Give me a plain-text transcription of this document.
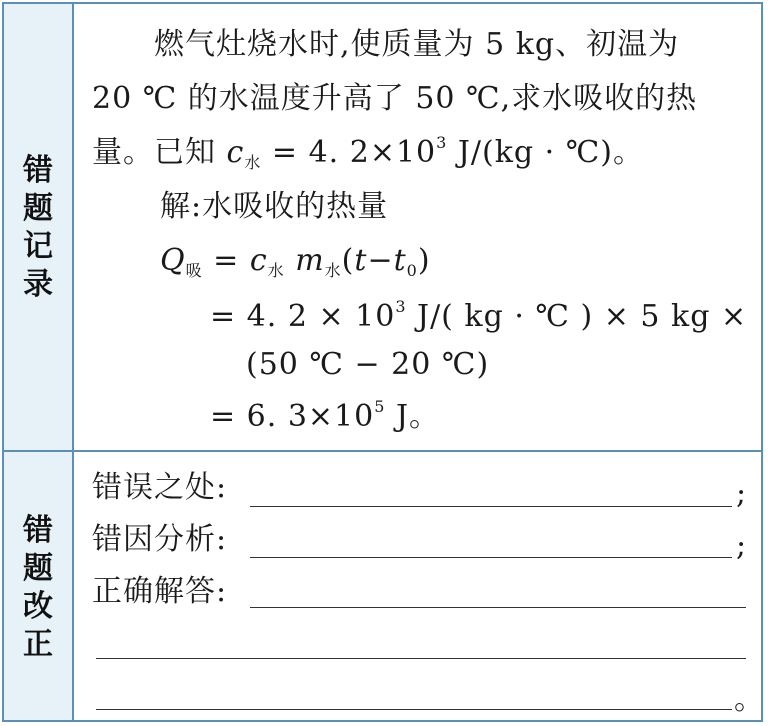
错
题
记
录
错
题
改
正
燃气灶烧水时,使质量为 5 kg、初温为
20 ℃ 的水温度升高了 50 ℃,求水吸收的热
量。已知 $c_水 = 4$. $2\times 10^3$ J/(kg · ℃)。
解:水吸收的热量
$Q_吸 = c_水$ $m_水(t-t_0)$
= 4. $2 \times 10^3$ J/( kg · ℃ ) × 5 kg ×
(50 ℃ − 20 ℃)
= 6. $3\times 10^5$ J。
错误之处:	;
错因分析:	;
正确解答:
。
